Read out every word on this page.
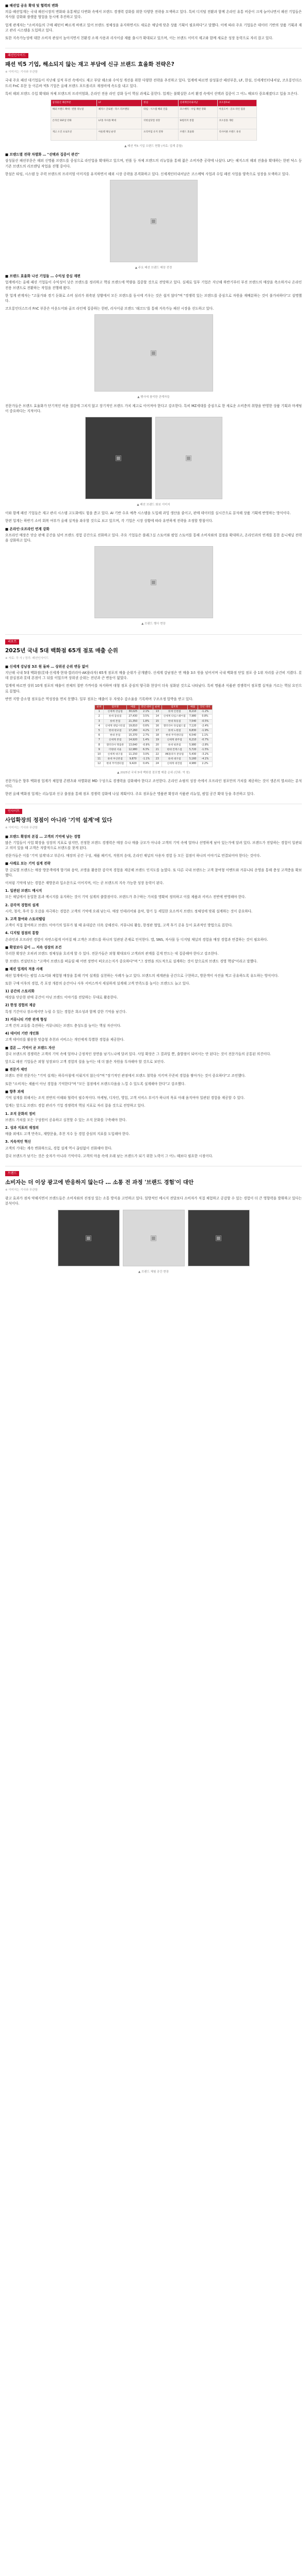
■ 패션업 공유 확대 및 협력의 변화

의류·패션업계는 국내 패션시장의 변화와 유통채널 다변화 속에서 브랜드 경쟁력 강화를 위한 다양한 전략을 모색하고 있다. 특히 디지털 전환과 함께 온라인 유통 비중이 크게 늘어나면서 패션 기업들은 자사몰 강화와 플랫폼 협업을 동시에 추진하고 있다.

업계 관계자는 "소비자들의 구매 패턴이 빠르게 바뀌고 있어 브랜드 정체성을 유지하면서도 새로운 채널에 맞춘 상품 기획이 필요하다"고 말했다. 이에 따라 주요 기업들은 데이터 기반의 상품 기획과 재고 관리 시스템을 도입하고 있다.

또한 지속가능성에 대한 소비자 관심이 높아지면서 친환경 소재 사용과 리사이클 제품 출시가 확대되고 있으며, 이는 브랜드 이미지 제고와 함께 새로운 성장 동력으로 자리 잡고 있다.

패션인사이드
패션 빅5 기업, 해소되지 않는 재고 부담에 신규 브랜드 효율화 전략은?
※ 이미지는 기사와 무관함

국내 주요 패션 대기업들이 지난해 실적 부진 속에서도 재고 부담 해소와 수익성 개선을 위한 다양한 전략을 추진하고 있다. 업계에 따르면 삼성물산 패션부문, LF, 한섬, 신세계인터내셔날, 코오롱인더스트리 FnC 부문 등 이른바 빅5 기업은 올해 브랜드 포트폴리오 재정비에 속도를 내고 있다.

특히 해외 브랜드 수입 확대와 자체 브랜드의 프리미엄화, 온라인 전용 라인 강화 등이 핵심 과제로 꼽힌다. 업계는 불확실한 소비 환경 속에서 선택과 집중이 그 어느 때보다 중요해졌다고 입을 모은다.

삼성물산 패션부문	LF	한섬	신세계인터내셔날	코오롱FnC
해외 브랜드 확대 · 빈폴 리뉴얼	헤지스 글로벌 · 닥스 리브랜딩	타임 · 시스템 해외 진출	코스메틱 · 수입 패션 강화	아웃도어 · 골프 라인 집중
온라인 SSF샵 강화	LF몰 자사몰 확대	더한섬닷컴 성장	SI빌리지 통합	코오롱몰 개편
재고 소진 프로모션	아울렛 채널 운영	프리미엄 유지 전략	브랜드 효율화	리사이클 브랜드 육성
▲ 패션 빅5 기업 브랜드 현황 (자료: 업계 종합)
■ 브랜드별 전략 차별화 … "선택과 집중이 관건"

삼성물산 패션부문은 해외 신명품 브랜드를 중심으로 라인업을 확대하고 있으며, 빈폴 등 자체 브랜드의 리뉴얼을 통해 젊은 소비자층 공략에 나섰다. LF는 헤지스의 해외 진출을 확대하는 한편 닥스 등 기존 브랜드의 리브랜딩 작업을 진행 중이다.

한섬은 타임, 시스템 등 주력 브랜드의 프리미엄 이미지를 유지하면서 해외 시장 공략을 본격화하고 있다. 신세계인터내셔날은 코스메틱 사업과 수입 패션 사업을 양축으로 성장을 모색하고 있다.

▣
▲ 주요 패션 브랜드 매장 전경
■ 브랜드 효율화 나선 기업들 … 수익성 중심 재편

업계에서는 올해 패션 기업들이 수익성이 낮은 브랜드를 정리하고 핵심 브랜드에 역량을 집중할 것으로 전망하고 있다. 실제로 일부 기업은 지난해 하반기부터 부진 브랜드의 매장을 축소하거나 온라인 전용 브랜드로 전환하는 작업을 진행해 왔다.

한 업계 관계자는 "고물가와 경기 둔화로 소비 심리가 위축된 상황에서 모든 브랜드를 동시에 키우는 것은 쉽지 않다"며 "경쟁력 있는 브랜드를 중심으로 자원을 재배분하는 것이 불가피하다"고 설명했다.

코오롱인더스트리 FnC 부문은 아웃도어와 골프 라인에 집중하는 한편, 리사이클 브랜드 '래코드'를 통해 지속가능 패션 시장을 선도하고 있다.

▣
▲ 행사에 참석한 관계자들

전문가들은 브랜드 효율화가 단기적인 비용 절감에 그치지 않고 장기적인 브랜드 가치 제고로 이어져야 한다고 강조한다. 특히 MZ세대를 중심으로 한 새로운 소비층의 취향을 반영한 상품 기획과 마케팅이 중요하다는 지적이다.

▣	▣
▲ 패션 브랜드 화보 이미지

이와 함께 패션 기업들은 재고 관리 시스템 고도화에도 힘을 쏟고 있다. AI 기반 수요 예측 시스템을 도입해 과잉 생산을 줄이고, 판매 데이터를 실시간으로 분석해 상품 기획에 반영하는 방식이다.

한편 업계는 하반기 소비 회복 여부가 올해 실적을 좌우할 것으로 보고 있으며, 각 기업은 시장 상황에 따라 유연하게 전략을 조정할 방침이다.

■ 온라인·오프라인 연계 강화

오프라인 매장은 단순 판매 공간을 넘어 브랜드 경험 공간으로 진화하고 있다. 주요 기업들은 플래그십 스토어와 팝업 스토어를 통해 소비자와의 접점을 확대하고, 온라인과의 연계를 통한 옴니채널 전략을 강화하고 있다.

▣
▲ 브랜드 행사 현장
리포트
2025년 국내 5대 백화점 65개 점포 매출 순위
※ 자료: 각 사 / 정리: 패션인사이드
■ 신세계 강남점 3조 원 돌파 … 상위권 순위 변동 없어

지난해 국내 5대 백화점(롯데·신세계·현대·갤러리아·AK플라자) 65개 점포의 매출 순위가 공개됐다. 신세계 강남점은 연 매출 3조 원을 넘어서며 국내 백화점 단일 점포 중 1위 자리를 굳건히 지켰다. 롯데 잠실점과 롯데 본점이 그 뒤를 이었으며 상위권 순위는 전년과 큰 변동이 없었다.

업계에 따르면 상위 10개 점포의 매출이 전체의 절반 가까이를 차지하며 대형 점포 중심의 양극화 현상이 더욱 심화된 것으로 나타났다. 특히 명품과 식품관 경쟁력이 점포별 실적을 가르는 핵심 요인으로 꼽혔다.

반면 지방 중소형 점포들은 역성장을 면치 못했다. 일부 점포는 매출이 두 자릿수 감소율을 기록하며 구조조정 압박을 받고 있다.

순위	점포명	매출	전년 대비	순위	점포명	매출	전년 대비
1	신세계 강남점	30,025	2.1%	13	롯데 인천점	8,210	-1.2%
2	롯데 잠실점	27,430	3.5%	14	신세계 타임스퀘어점	7,980	0.8%
3	롯데 본점	21,350	1.8%	15	현대 목동점	7,540	-0.5%
4	신세계 센텀시티점	19,810	0.6%	16	갤러리아 타임월드점	7,120	-2.4%
5	현대 판교점	17,260	4.2%	17	롯데 노원점	6,830	-1.9%
6	현대 본점	15,370	2.7%	18	현대 무역센터점	6,540	1.1%
7	신세계 본점	14,920	1.4%	19	신세계 광주점	6,210	-0.7%
8	갤러리아 명품관	13,640	-0.9%	20	롯데 평촌점	5,980	-2.8%
9	더현대 서울	12,980	6.3%	21	현대 킨텍스점	5,720	-1.5%
10	신세계 대구점	11,150	3.0%	22	AK플라자 분당점	5,430	-3.2%
11	롯데 부산본점	9,870	-1.1%	23	롯데 대구점	5,160	-4.1%
12	현대 무역센터점	9,420	0.4%	24	신세계 대전점	4,980	2.2%
▲ 2025년 국내 5대 백화점 점포별 매출 순위 (단위: 억 원)

전문가들은 향후 백화점 업계가 체험형 콘텐츠와 차별화된 MD 구성으로 경쟁력을 강화해야 한다고 조언한다. 온라인 쇼핑의 성장 속에서 오프라인 점포만의 가치를 제공하는 것이 생존의 열쇠라는 분석이다.

한편 올해 백화점 업계는 리뉴얼과 신규 출점을 통해 점포 경쟁력 강화에 나설 계획이다. 주요 점포들은 명품관 확장과 식품관 리뉴얼, 팝업 공간 확대 등을 추진하고 있다.

인사이트
사업확장의 정점이 아니라 '기억 설계'에 있다
※ 이미지는 기사와 무관함
■ 브랜드 확장의 본질 … 고객의 기억에 남는 경험

많은 기업들이 사업 확장을 성장의 지표로 삼지만, 진정한 브랜드 경쟁력은 매장 수나 매출 규모가 아니라 고객의 기억 속에 얼마나 선명하게 남아 있는가에 달려 있다. 브랜드가 전달하는 경험이 일관되고 의미 있을 때 고객은 자발적으로 브랜드를 찾게 된다.

전문가들은 이를 '기억 설계'라고 부른다. 매장의 공간 구성, 제품 패키지, 직원의 응대, 온라인 채널의 사용자 경험 등 모든 접점이 하나의 이야기로 연결되어야 한다는 것이다.

■ 사례로 보는 기억 설계 전략

한 글로벌 브랜드는 매장 방문객에게 향기와 음악, 조명을 활용한 감각적 경험을 제공해 브랜드 인지도를 높였다. 또 다른 국내 브랜드는 고객 참여형 이벤트와 커뮤니티 운영을 통해 충성 고객층을 확보했다.

이처럼 기억에 남는 경험은 재방문과 입소문으로 이어지며, 이는 곧 브랜드의 지속 가능한 성장 동력이 된다.

1. 일관된 브랜드 메시지

모든 채널에서 동일한 톤과 메시지를 유지하는 것이 기억 설계의 출발점이다. 브랜드가 추구하는 가치를 명확히 정의하고 이를 제품과 서비스 전반에 반영해야 한다.

2. 감각적 경험의 설계

시각, 청각, 후각 등 오감을 자극하는 경험은 고객의 기억에 오래 남는다. 매장 인테리어와 음악, 향기 등 세밀한 요소까지 브랜드 정체성에 맞춰 설계하는 것이 중요하다.

3. 고객 참여와 스토리텔링

고객이 직접 참여하고 브랜드 이야기의 일부가 될 때 유대감은 더욱 강해진다. 커뮤니티 활동, 한정판 협업, 고객 후기 공유 등이 효과적인 방법으로 꼽힌다.

4. 디지털 접점의 통합

온라인과 오프라인 경험이 자연스럽게 이어질 때 고객은 브랜드를 하나의 일관된 존재로 인식한다. 앱, SNS, 자사몰 등 디지털 채널의 경험을 매장 경험과 연결하는 것이 필요하다.

■ 확장보다 깊이 … 지속 성장의 조건

무리한 확장은 오히려 브랜드 정체성을 흐리게 할 수 있다. 전문가들은 외형 확대보다 고객과의 관계를 깊게 만드는 데 집중해야 한다고 강조한다.

한 브랜드 컨설턴트는 "고객이 브랜드를 떠올릴 때 어떤 장면이 떠오르는지가 중요하다"며 "그 장면을 의도적으로 설계하는 것이 앞으로의 브랜드 경영 핵심"이라고 말했다.

■ 패션 업계의 적용 사례

패션 업계에서는 팝업 스토어와 체험형 매장을 통해 기억 설계를 실천하는 사례가 늘고 있다. 브랜드의 세계관을 공간으로 구현하고, 방문객이 사진을 찍고 공유하도록 유도하는 방식이다.

또한 구매 이후의 경험, 즉 포장 개봉의 순간이나 사후 서비스까지 세심하게 설계해 고객 만족도를 높이는 브랜드도 늘고 있다.

1) 공간의 스토리화

매장을 단순한 판매 공간이 아닌 브랜드 이야기를 전달하는 무대로 활용한다.

2) 한정 경험의 제공

특정 기간이나 장소에서만 누릴 수 있는 경험은 희소성과 함께 강한 기억을 남긴다.

3) 커뮤니티 기반 관계 형성

고객 간의 교류를 촉진하는 커뮤니티는 브랜드 충성도를 높이는 핵심 자산이다.

4) 데이터 기반 개인화

고객 데이터를 활용한 맞춤형 추천과 서비스는 개인에게 특별한 경험을 제공한다.

■ 결론 … 기억이 곧 브랜드 자산

결국 브랜드의 경쟁력은 고객의 기억 속에 얼마나 긍정적인 장면을 남기느냐에 달려 있다. 사업 확장은 그 결과일 뿐, 출발점이 되어서는 안 된다는 것이 전문가들의 공통된 의견이다.

앞으로 패션 기업들은 외형 성장보다 고객 경험의 질을 높이는 데 더 많은 자원을 투자해야 할 것으로 보인다.

■ 전문가 제언

브랜드 전략 전문가는 "기억 설계는 하루아침에 이뤄지지 않는다"며 "장기적인 관점에서 브랜드 철학을 지키며 꾸준히 경험을 쌓아가는 것이 중요하다"고 조언했다.

또한 "소비자는 제품이 아닌 경험을 기억한다"며 "모든 접점에서 브랜드다움을 느낄 수 있도록 설계해야 한다"고 강조했다.

■ 향후 과제

기억 설계를 위해서는 조직 전반의 이해와 협력이 필수적이다. 마케팅, 디자인, 영업, 고객 서비스 부서가 하나의 목표 아래 움직여야 일관된 경험을 제공할 수 있다.

업계는 앞으로 브랜드 경험 관리가 기업 경쟁력의 핵심 지표로 자리 잡을 것으로 전망하고 있다.

1. 조직 문화의 정비

브랜드 가치를 모든 구성원이 공유하고 실천할 수 있는 조직 문화를 구축해야 한다.

2. 성과 지표의 재정의

매출 외에도 고객 만족도, 재방문율, 추천 지수 등 경험 중심의 지표를 도입해야 한다.

3. 지속적인 혁신

고객의 기대는 계속 변화하므로, 경험 설계 역시 끊임없이 진화해야 한다.

결국 브랜드가 남기는 것은 숫자가 아니라 기억이다. 고객의 마음 속에 오래 남는 브랜드가 되기 위한 노력이 그 어느 때보다 필요한 시점이다.

트렌드
소비자는 더 이상 광고에 반응하지 않는다 … 소통 전 과정 '브랜드 경험'이 대안
※ 이미지는 기사와 무관함

광고 효과가 점차 약해지면서 브랜드들은 소비자와의 진정성 있는 소통 방식을 고민하고 있다. 일방적인 메시지 전달보다 소비자가 직접 체험하고 공감할 수 있는 경험이 더 큰 영향력을 발휘하고 있다는 분석이다.

▣	▣	▣
▲ 브랜드 체험 공간 현장
